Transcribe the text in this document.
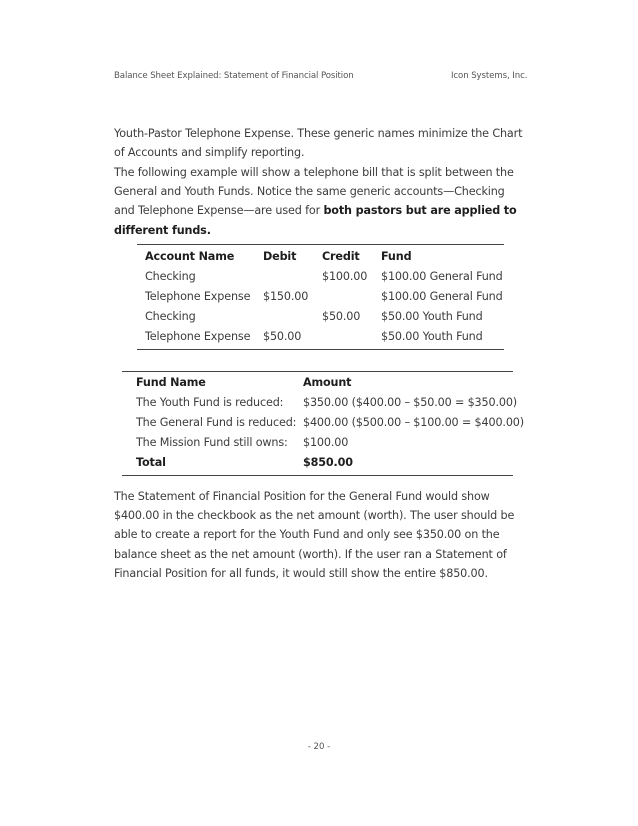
Balance Sheet Explained: Statement of Financial Position	Icon Systems, Inc.

Youth-Pastor Telephone Expense. These generic names minimize the Chart of Accounts and simplify reporting.

The following example will show a telephone bill that is split between the General and Youth Funds. Notice the same generic accounts—Checking and Telephone Expense—are used for both pastors but are applied to different funds.

Account Name	Debit	Credit	Fund
Checking		$100.00	$100.00 General Fund
Telephone Expense	$150.00		$100.00 General Fund
Checking		$50.00	$50.00 Youth Fund
Telephone Expense	$50.00		$50.00 Youth Fund
Fund Name	Amount
The Youth Fund is reduced:	$350.00 ($400.00 – $50.00 = $350.00)
The General Fund is reduced:	$400.00 ($500.00 – $100.00 = $400.00)
The Mission Fund still owns:	$100.00
Total	$850.00

The Statement of Financial Position for the General Fund would show $400.00 in the checkbook as the net amount (worth). The user should be able to create a report for the Youth Fund and only see $350.00 on the balance sheet as the net amount (worth). If the user ran a Statement of Financial Position for all funds, it would still show the entire $850.00.

- 20 -
